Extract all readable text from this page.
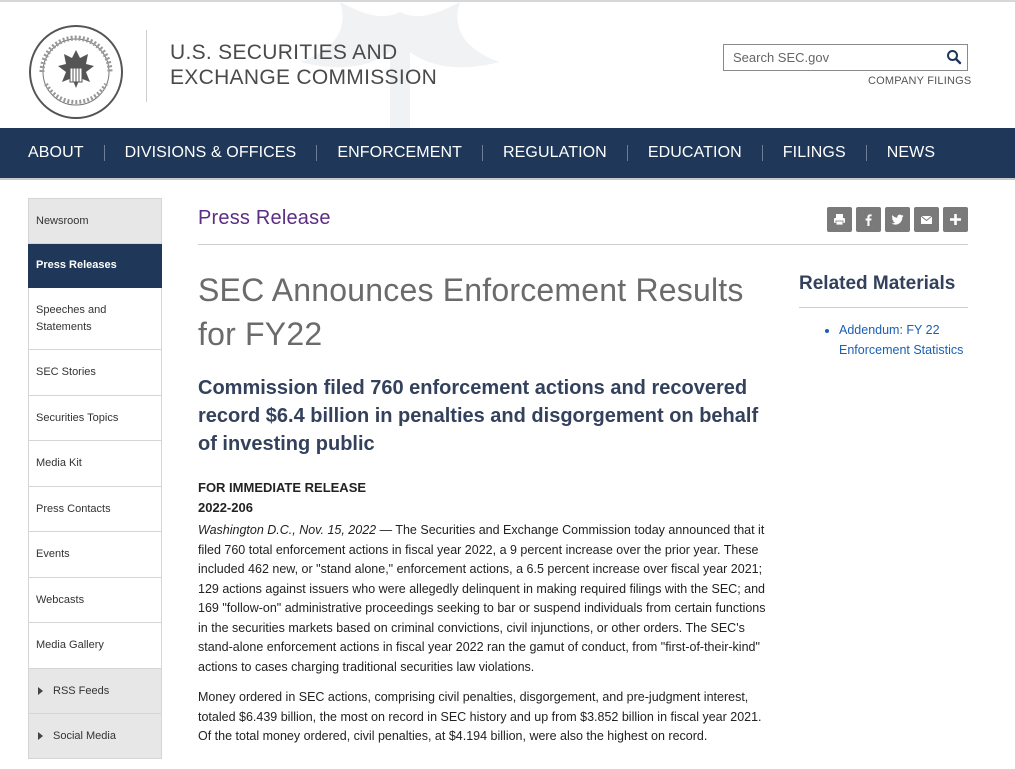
U.S. SECURITIES AND
EXCHANGE COMMISSION
Search SEC.gov	COMPANY FILINGS
ABOUT	DIVISIONS & OFFICES	ENFORCEMENT	REGULATION	EDUCATION	FILINGS	NEWS
Newsroom
Press Releases
Speeches and Statements
SEC Stories
Securities Topics
Media Kit
Press Contacts
Events
Webcasts
Media Gallery
RSS Feeds
Social Media
Press Release
SEC Announces Enforcement Results for FY22
Commission filed 760 enforcement actions and recovered record $6.4 billion in penalties and disgorgement on behalf of investing public
FOR IMMEDIATE RELEASE
2022-206

Washington D.C., Nov. 15, 2022 — The Securities and Exchange Commission today announced that it filed 760 total enforcement actions in fiscal year 2022, a 9 percent increase over the prior year. These included 462 new, or "stand alone," enforcement actions, a 6.5 percent increase over fiscal year 2021; 129 actions against issuers who were allegedly delinquent in making required filings with the SEC; and 169 "follow-on" administrative proceedings seeking to bar or suspend individuals from certain functions in the securities markets based on criminal convictions, civil injunctions, or other orders. The SEC's stand-alone enforcement actions in fiscal year 2022 ran the gamut of conduct, from "first-of-their-kind" actions to cases charging traditional securities law violations.

Money ordered in SEC actions, comprising civil penalties, disgorgement, and pre-judgment interest, totaled $6.439 billion, the most on record in SEC history and up from $3.852 billion in fiscal year 2021. Of the total money ordered, civil penalties, at $4.194 billion, were also the highest on record.

Related Materials
• Addendum: FY 22 Enforcement Statistics
